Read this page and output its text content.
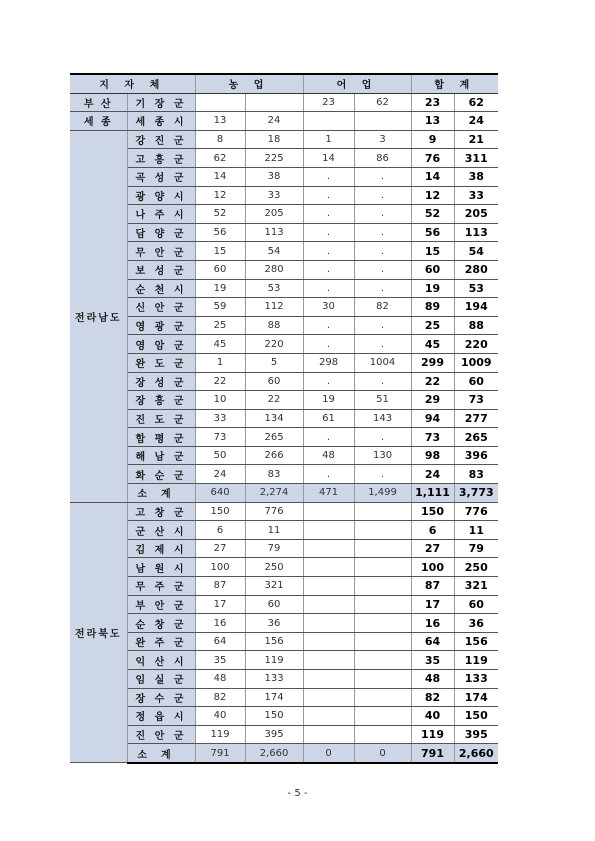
지 자 체		농 업		어 업		합 계	
부 산	기 장 군			23	62	23	62
세 종	세 종 시	13	24			13	24
전라남도	강 진 군	8	18	1	3	9	21
	고 흥 군	62	225	14	86	76	311
	곡 성 군	14	38	.	.	14	38
	광 양 시	12	33	.	.	12	33
	나 주 시	52	205	.	.	52	205
	담 양 군	56	113	.	.	56	113
	무 안 군	15	54	.	.	15	54
	보 성 군	60	280	.	.	60	280
	순 천 시	19	53	.	.	19	53
	신 안 군	59	112	30	82	89	194
	영 광 군	25	88	.	.	25	88
	영 암 군	45	220	.	.	45	220
	완 도 군	1	5	298	1004	299	1009
	장 성 군	22	60	.	.	22	60
	장 흥 군	10	22	19	51	29	73
	진 도 군	33	134	61	143	94	277
	함 평 군	73	265	.	.	73	265
	해 남 군	50	266	48	130	98	396
	화 순 군	24	83	.	.	24	83
	소계	640	2,274	471	1,499	1,111	3,773
전라북도	고 창 군	150	776			150	776
	군 산 시	6	11			6	11
	김 제 시	27	79			27	79
	남 원 시	100	250			100	250
	무 주 군	87	321			87	321
	부 안 군	17	60			17	60
	순 창 군	16	36			16	36
	완 주 군	64	156			64	156
	익 산 시	35	119			35	119
	임 실 군	48	133			48	133
	장 수 군	82	174			82	174
	정 읍 시	40	150			40	150
	진 안 군	119	395			119	395
	소계	791	2,660	0	0	791	2,660
- 5 -
